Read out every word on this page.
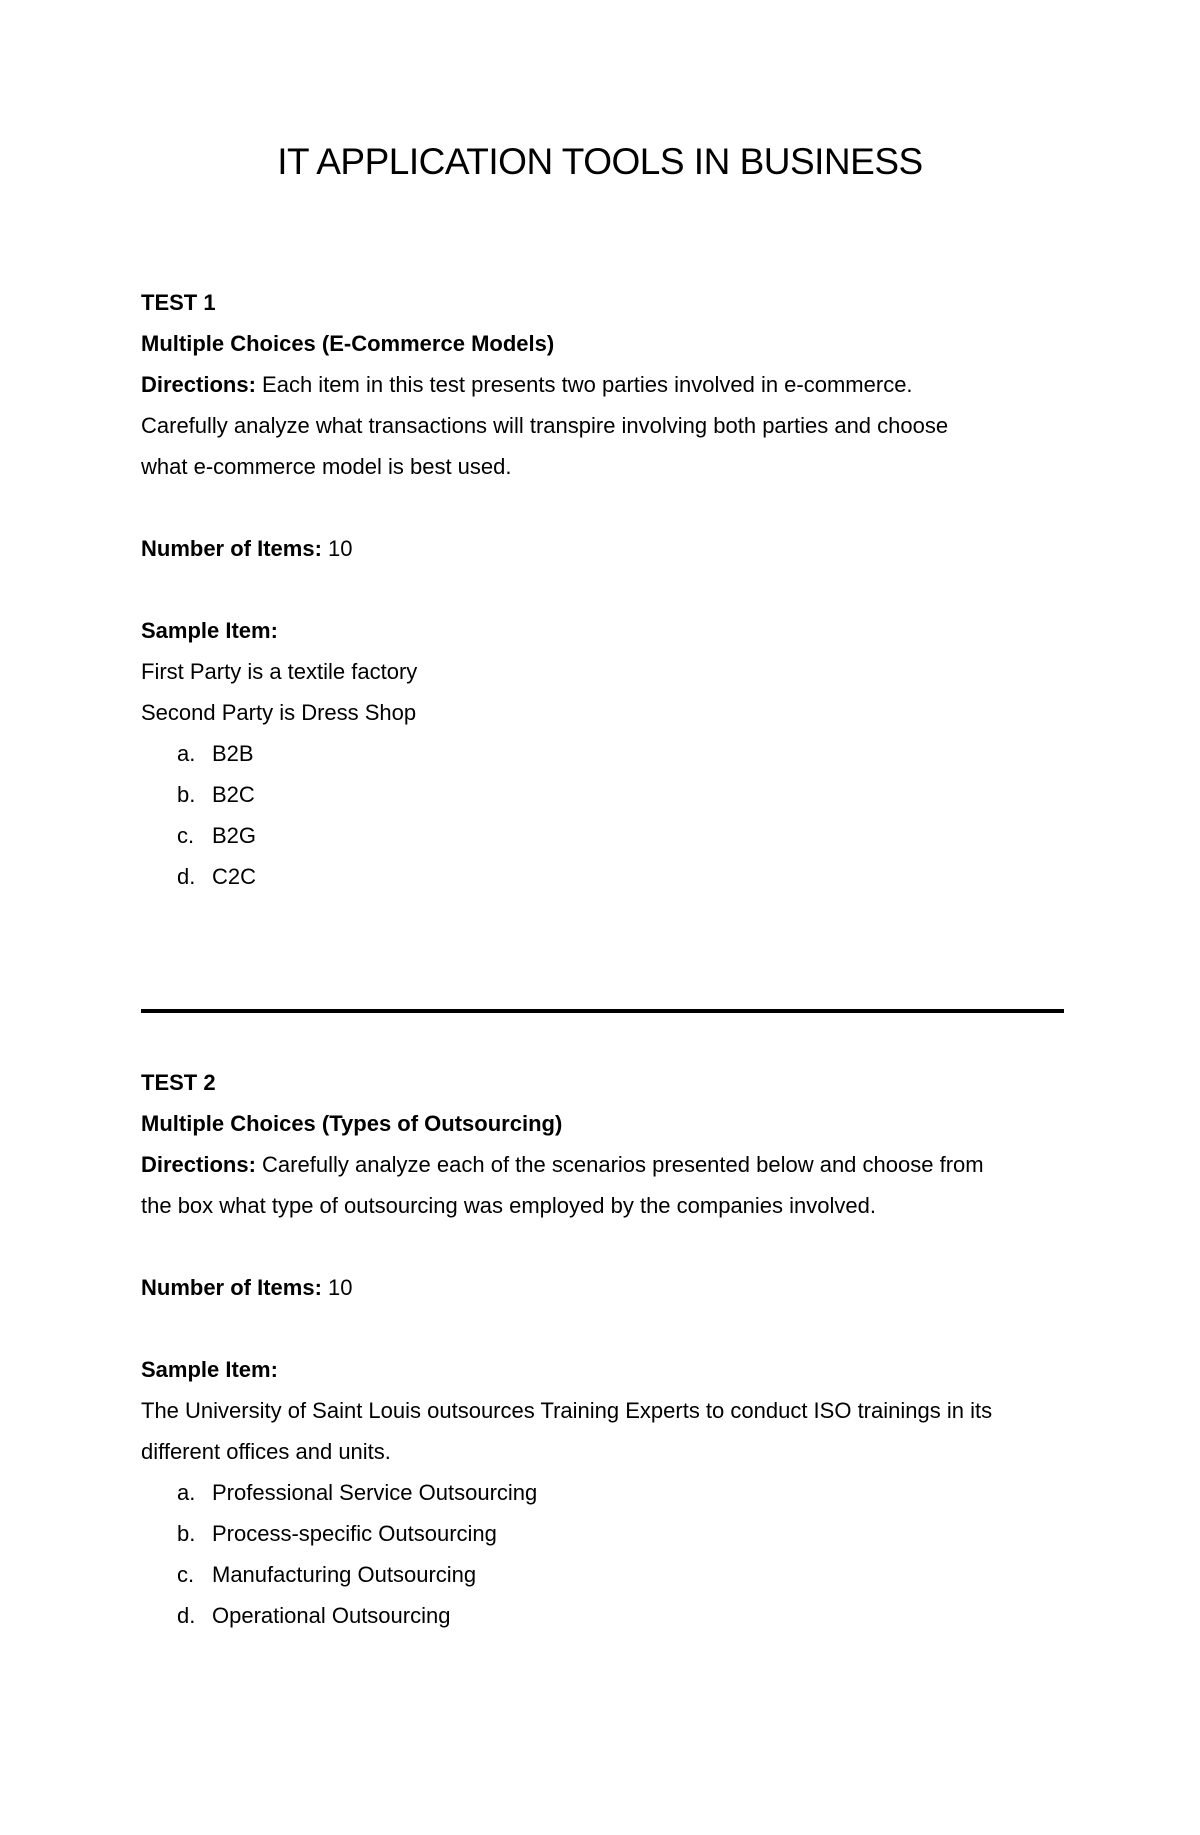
IT APPLICATION TOOLS IN BUSINESS

TEST 1

Multiple Choices (E-Commerce Models)

Directions: Each item in this test presents two parties involved in e-commerce.

Carefully analyze what transactions will transpire involving both parties and choose

what e-commerce model is best used.

Number of Items: 10

Sample Item:

First Party is a textile factory

Second Party is Dress Shop

a. B2B
b. B2C
c. B2G
d. C2C

TEST 2

Multiple Choices (Types of Outsourcing)

Directions: Carefully analyze each of the scenarios presented below and choose from

the box what type of outsourcing was employed by the companies involved.

Number of Items: 10

Sample Item:

The University of Saint Louis outsources Training Experts to conduct ISO trainings in its

different offices and units.

a. Professional Service Outsourcing
b. Process-specific Outsourcing
c. Manufacturing Outsourcing
d. Operational Outsourcing
